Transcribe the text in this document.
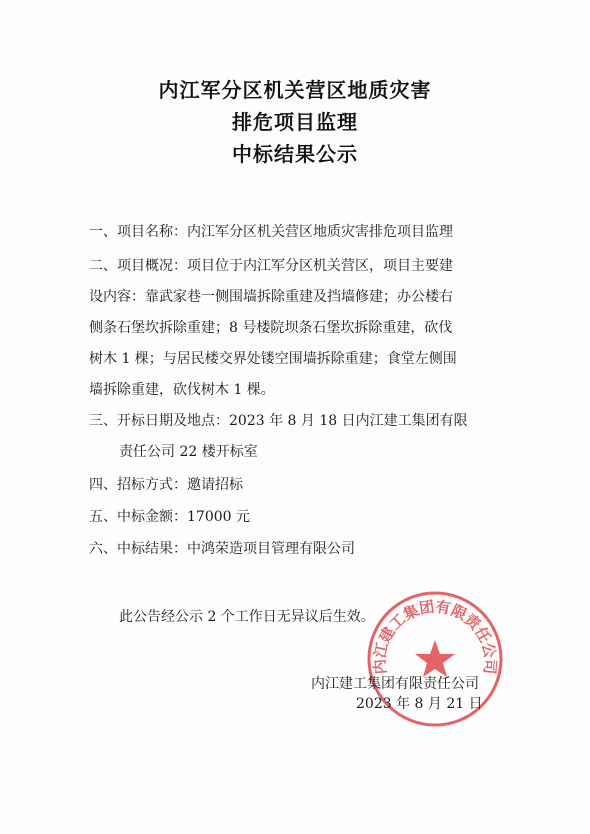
内江军分区机关营区地质灾害
排危项目监理
中标结果公示
一、项目名称：内江军分区机关营区地质灾害排危项目监理
二、项目概况：项目位于内江军分区机关营区，项目主要建
设内容：靠武家巷一侧围墙拆除重建及挡墙修建；办公楼右
侧条石堡坎拆除重建；8 号楼院坝条石堡坎拆除重建，砍伐
树木 1 棵；与居民楼交界处镂空围墙拆除重建；食堂左侧围
墙拆除重建，砍伐树木 1 棵。
三、开标日期及地点：2023 年 8 月 18 日内江建工集团有限
责任公司 22 楼开标室
四、招标方式：邀请招标
五、中标金额：17000 元
六、中标结果：中鸿荣造项目管理有限公司
此公告经公示 2 个工作日无异议后生效。
内江建工集团有限责任公司
内江建工集团有限责任公司
2023 年 8 月 21 日
